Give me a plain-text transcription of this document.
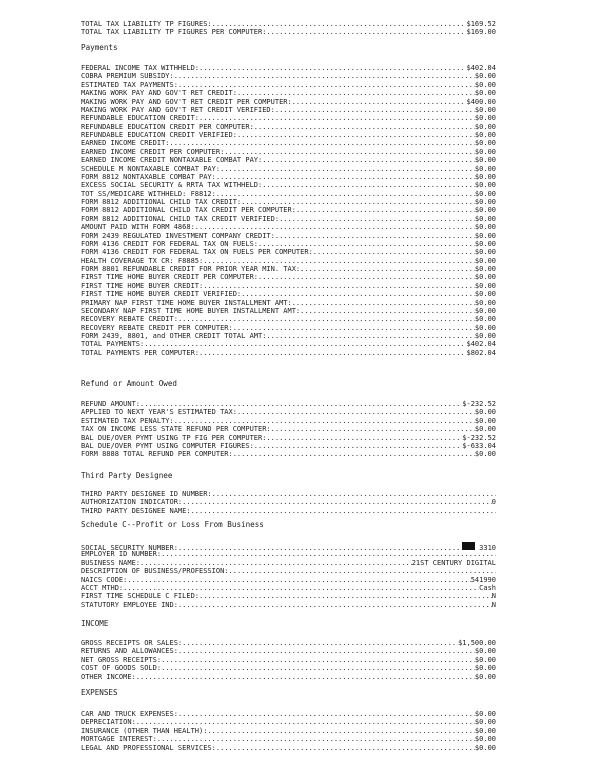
TOTAL TAX LIABILITY TP FIGURES: .....	$169.52
TOTAL TAX LIABILITY TP FIGURES PER COMPUTER: .....	$169.00
Payments
FEDERAL INCOME TAX WITHHELD: .....	$402.04
COBRA PREMIUM SUBSIDY: .....	$0.00
ESTIMATED TAX PAYMENTS: .....	$0.00
MAKING WORK PAY AND GOV'T RET CREDIT: .....	$0.00
MAKING WORK PAY AND GOV'T RET CREDIT PER COMPUTER: .....	$400.00
MAKING WORK PAY AND GOV'T RET CREDIT VERIFIED: .....	$0.00
REFUNDABLE EDUCATION CREDIT: .....	$0.00
REFUNDABLE EDUCATION CREDIT PER COMPUTER: .....	$0.00
REFUNDABLE EDUCATION CREDIT VERIFIED: .....	$0.00
EARNED INCOME CREDIT: .....	$0.00
EARNED INCOME CREDIT PER COMPUTER: .....	$0.00
EARNED INCOME CREDIT NONTAXABLE COMBAT PAY: .....	$0.00
SCHEDULE M NONTAXABLE COMBAT PAY: .....	$0.00
FORM 8812 NONTAXABLE COMBAT PAY: .....	$0.00
EXCESS SOCIAL SECURITY & RRTA TAX WITHHELD: .....	$0.00
TOT SS/MEDICARE WITHHELD: F8812: .....	$0.00
FORM 8812 ADDITIONAL CHILD TAX CREDIT: .....	$0.00
FORM 8812 ADDITIONAL CHILD TAX CREDIT PER COMPUTER: .....	$0.00
FORM 8812 ADDITIONAL CHILD TAX CREDIT VERIFIED: .....	$0.00
AMOUNT PAID WITH FORM 4868: .....	$0.00
FORM 2439 REGULATED INVESTMENT COMPANY CREDIT: .....	$0.00
FORM 4136 CREDIT FOR FEDERAL TAX ON FUELS: .....	$0.00
FORM 4136 CREDIT FOR FEDERAL TAX ON FUELS PER COMPUTER: .....	$0.00
HEALTH COVERAGE TX CR: F8885: .....	$0.00
FORM 8801 REFUNDABLE CREDIT FOR PRIOR YEAR MIN. TAX: .....	$0.00
FIRST TIME HOME BUYER CREDIT PER COMPUTER: .....	$0.00
FIRST TIME HOME BUYER CREDIT: .....	$0.00
FIRST TIME HOME BUYER CREDIT VERIFIED: .....	$0.00
PRIMARY NAP FIRST TIME HOME BUYER INSTALLMENT AMT: .....	$0.00
SECONDARY NAP FIRST TIME HOME BUYER INSTALLMENT AMT: .....	$0.00
RECOVERY REBATE CREDIT: .....	$0.00
RECOVERY REBATE CREDIT PER COMPUTER: .....	$0.00
FORM 2439, 8801, and OTHER CREDIT TOTAL AMT: .....	$0.00
TOTAL PAYMENTS: .....	$402.04
TOTAL PAYMENTS PER COMPUTER: .....	$802.04
Refund or Amount Owed
REFUND AMOUNT: .....	$-232.52
APPLIED TO NEXT YEAR'S ESTIMATED TAX: .....	$0.00
ESTIMATED TAX PENALTY: .....	$0.00
TAX ON INCOME LESS STATE REFUND PER COMPUTER: .....	$0.00
BAL DUE/OVER PYMT USING TP FIG PER COMPUTER: .....	$-232.52
BAL DUE/OVER PYMT USING COMPUTER FIGURES: .....	$-633.04
FORM 8888 TOTAL REFUND PER COMPUTER: .....	$0.00
Third Party Designee
THIRD PARTY DESIGNEE ID NUMBER:
.....
AUTHORIZATION INDICATOR: .....	0
THIRD PARTY DESIGNEE NAME:
.....
Schedule C--Profit or Loss From Business
SOCIAL SECURITY NUMBER: .....	3310
EMPLOYER ID NUMBER:
.....
BUSINESS NAME: .....	21ST CENTURY DIGITAL
DESCRIPTION OF BUSINESS/PROFESSION:
.....
NAICS CODE: .....	541990
ACCT MTHD: .....	Cash
FIRST TIME SCHEDULE C FILED: .....	N
STATUTORY EMPLOYEE IND: .....	N
INCOME
GROSS RECEIPTS OR SALES: .....	$1,500.00
RETURNS AND ALLOWANCES: .....	$0.00
NET GROSS RECEIPTS: .....	$0.00
COST OF GOODS SOLD: .....	$0.00
OTHER INCOME: .....	$0.00
EXPENSES
CAR AND TRUCK EXPENSES: .....	$0.00
DEPRECIATION: .....	$0.00
INSURANCE (OTHER THAN HEALTH): .....	$0.00
MORTGAGE INTEREST: .....	$0.00
LEGAL AND PROFESSIONAL SERVICES: .....	$0.00
